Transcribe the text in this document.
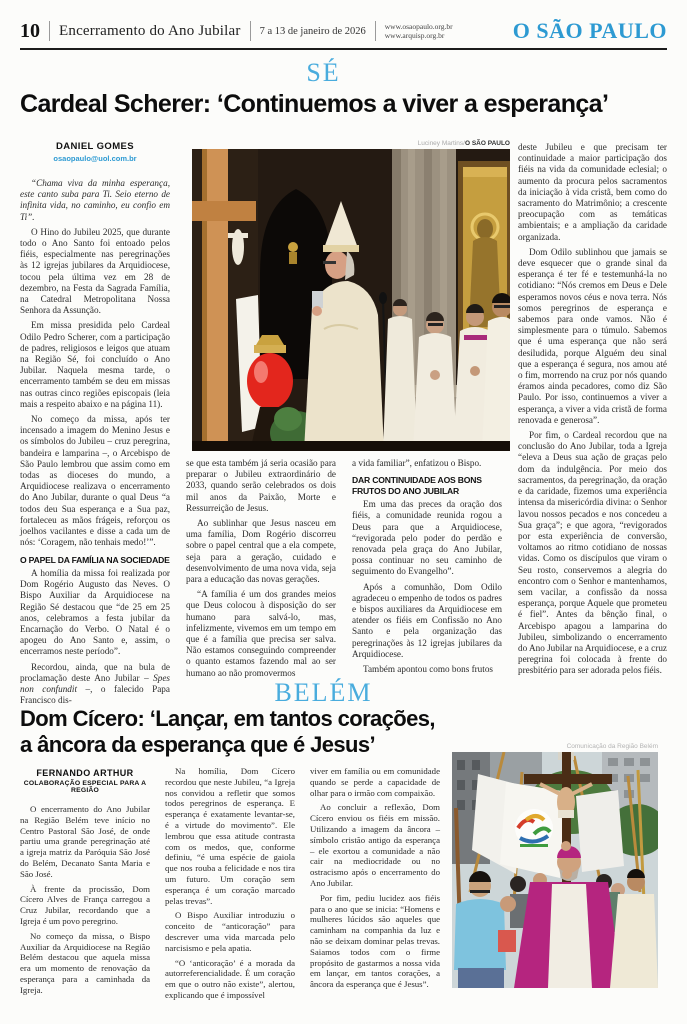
10 Encerramento do Ano Jubilar 7 a 13 de janeiro de 2026	www.osaopaulo.org.br
www.arquisp.org.br	O SÃO PAULO
SÉ
Cardeal Scherer: ‘Continuemos a viver a esperança’
Luciney Martins/O SÃO PAULO
DANIEL GOMES
osaopaulo@uol.com.br

“Chama viva da minha esperança, este canto suba para Ti. Seio eterno de infinita vida, no caminho, eu confio em Ti”.

O Hino do Jubileu 2025, que durante todo o Ano Santo foi entoado pelos fiéis, especialmente nas peregrinações às 12 igrejas jubilares da Arquidiocese, tocou pela última vez em 28 de dezembro, na Festa da Sagrada Família, na Catedral Metropolitana Nossa Senhora da Assunção.

Em missa presidida pelo Cardeal Odilo Pedro Scherer, com a participação de padres, religiosos e leigos que atuam na Região Sé, foi concluído o Ano Jubilar. Naquela mesma tarde, o encerramento também se deu em missas nas outras cinco regiões episcopais (leia mais a respeito abaixo e na página 11).

No começo da missa, após ter incensado a imagem do Menino Jesus e os símbolos do Jubileu – cruz peregrina, bandeira e lamparina –, o Arcebispo de São Paulo lembrou que assim como em todas as dioceses do mundo, a Arquidiocese realizava o encerramento do Ano Jubilar, durante o qual Deus “a todos deu Sua esperança e a Sua paz, fortaleceu as mãos frágeis, reforçou os joelhos vacilantes e disse a cada um de nós: ‘Coragem, não tenhais medo!’”.

O PAPEL DA FAMÍLIA NA SOCIEDADE

A homília da missa foi realizada por Dom Rogério Augusto das Neves. O Bispo Auxiliar da Arquidiocese na Região Sé destacou que “de 25 em 25 anos, celebramos a festa jubilar da Encarnação do Verbo. O Natal é o apogeu do Ano Santo e, assim, o encerramos neste período”.

Recordou, ainda, que na bula de proclamação deste Ano Jubilar – Spes non confundit –, o falecido Papa Francisco dis-

se que esta também já seria ocasião para preparar o Jubileu extraordinário de 2033, quando serão celebrados os dois mil anos da Paixão, Morte e Ressurreição de Jesus.

Ao sublinhar que Jesus nasceu em uma família, Dom Rogério discorreu sobre o papel central que a ela compete, seja para a geração, cuidado e desenvolvimento de uma nova vida, seja para a educação das novas gerações.

“A família é um dos grandes meios que Deus colocou à disposição do ser humano para salvá-lo, mas, infelizmente, vivemos em um tempo em que é a família que precisa ser salva. Não estamos conseguindo compreender o quanto estamos fazendo mal ao ser humano ao não promovermos

a vida familiar”, enfatizou o Bispo.

DAR CONTINUIDADE AOS BONS FRUTOS DO ANO JUBILAR

Em uma das preces da oração dos fiéis, a comunidade reunida rogou a Deus para que a Arquidiocese, “revigorada pelo poder do perdão e renovada pela graça do Ano Jubilar, possa continuar no seu caminho de seguimento do Evangelho”.

Após a comunhão, Dom Odilo agradeceu o empenho de todos os padres e bispos auxiliares da Arquidiocese em atender os fiéis em Confissão no Ano Santo e pela organização das peregrinações às 12 igrejas jubilares da Arquidiocese.

Também apontou como bons frutos

deste Jubileu e que precisam ter continuidade a maior participação dos fiéis na vida da comunidade eclesial; o aumento da procura pelos sacramentos da iniciação à vida cristã, bem como do sacramento do Matrimônio; a crescente preocupação com as temáticas ambientais; e a ampliação da caridade organizada.

Dom Odilo sublinhou que jamais se deve esquecer que o grande sinal da esperança é ter fé e testemunhá-la no cotidiano: “Nós cremos em Deus e Dele esperamos novos céus e nova terra. Nós somos peregrinos de esperança e sabemos para onde vamos. Não é simplesmente para o túmulo. Sabemos que é uma esperança que não será desiludida, porque Alguém deu sinal que a esperança é segura, nos amou até o fim, morrendo na cruz por nós quando éramos ainda pecadores, como diz São Paulo. Por isso, continuemos a viver a esperança, a viver a vida cristã de forma renovada e generosa”.

Por fim, o Cardeal recordou que na conclusão do Ano Jubilar, toda a Igreja “eleva a Deus sua ação de graças pelo dom da indulgência. Por meio dos sacramentos, da peregrinação, da oração e da caridade, fizemos uma experiência intensa da misericórdia divina: o Senhor lavou nossos pecados e nos concedeu a Sua graça”; e que agora, “revigorados por esta experiência de conversão, voltamos ao ritmo cotidiano de nossas vidas. Como os discípulos que viram o Seu rosto, conservemos a alegria do encontro com o Senhor e mantenhamos, sem vacilar, a confissão da nossa esperança, porque Aquele que prometeu é fiel”. Antes da bênção final, o Arcebispo apagou a lamparina do Jubileu, simbolizando o encerramento do Ano Jubilar na Arquidiocese, e a cruz peregrina foi colocada à frente do presbitério para ser adorada pelos fiéis.

BELÉM
Dom Cícero: ‘Lançar, em tantos corações,
a âncora da esperança que é Jesus’	Comunicação da Região Belém
FERNANDO ARTHUR
COLABORAÇÃO ESPECIAL PARA A REGIÃO

O encerramento do Ano Jubilar na Região Belém teve início no Centro Pastoral São José, de onde partiu uma grande peregrinação até a igreja matriz da Paróquia São José do Belém, Decanato Santa Maria e São José.

À frente da procissão, Dom Cícero Alves de França carregou a Cruz Jubilar, recordando que a Igreja é um povo peregrino.

No começo da missa, o Bispo Auxiliar da Arquidiocese na Região Belém destacou que aquela missa era um momento de renovação da esperança para a caminhada da Igreja.

Na homília, Dom Cícero recordou que neste Jubileu, “a Igreja nos convidou a refletir que somos todos peregrinos de esperança. E esperança é exatamente levantar-se, é a virtude do movimento”. Ele lembrou que essa atitude contrasta com os medos, que, conforme definiu, “é uma espécie de gaiola que nos rouba a felicidade e nos tira um futuro. Um coração sem esperança é um coração marcado pelas trevas”.

O Bispo Auxiliar introduziu o conceito de “anticoração” para descrever uma vida marcada pelo narcisismo e pela apatia.

“O ‘anticoração’ é a morada da autorreferencialidade. É um coração em que o outro não existe”, alertou, explicando que é impossível

viver em família ou em comunidade quando se perde a capacidade de olhar para o irmão com compaixão.

Ao concluir a reflexão, Dom Cícero enviou os fiéis em missão. Utilizando a imagem da âncora – símbolo cristão antigo da esperança – ele exortou a comunidade a não cair na mediocridade ou no ostracismo após o encerramento do Ano Jubilar.

Por fim, pediu lucidez aos fiéis para o ano que se inicia: “Homens e mulheres lúcidos são aqueles que caminham na companhia da luz e não se deixam dominar pelas trevas. Saiamos todos com o firme propósito de gastarmos a nossa vida em lançar, em tantos corações, a âncora da esperança que é Jesus”.
